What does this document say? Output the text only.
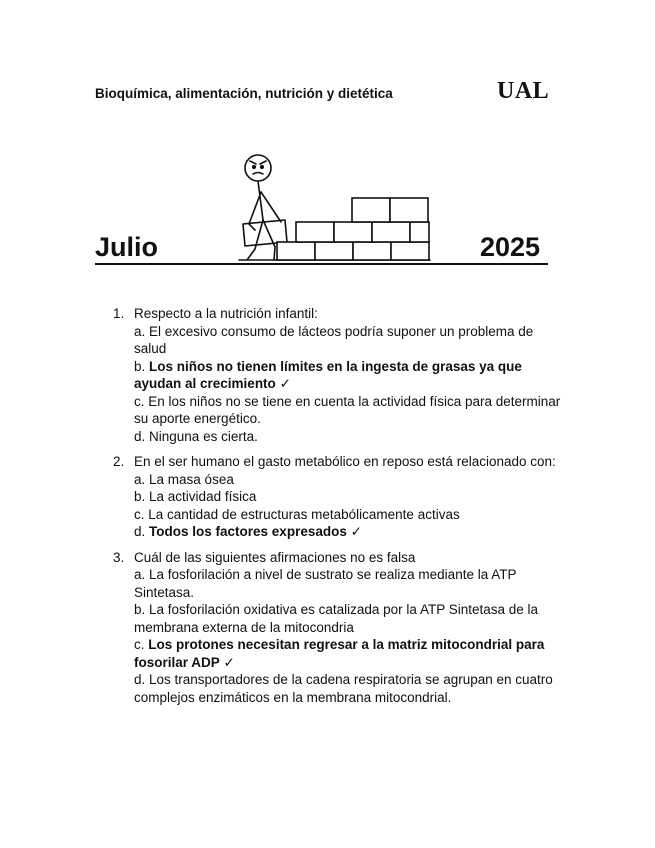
Bioquímica, alimentación, nutrición y dietética	UAL
Julio	2025
1. Respecto a la nutrición infantil:
a. El excesivo consumo de lácteos podría suponer un problema de salud
b. Los niños no tienen límites en la ingesta de grasas ya que ayudan al crecimiento ✓
c. En los niños no se tiene en cuenta la actividad física para determinar su aporte energético.
d. Ninguna es cierta.
2. En el ser humano el gasto metabólico en reposo está relacionado con:
a. La masa ósea
b. La actividad física
c. La cantidad de estructuras metabólicamente activas
d. Todos los factores expresados ✓
3. Cuál de las siguientes afirmaciones no es falsa
a. La fosforilación a nivel de sustrato se realiza mediante la ATP Sintetasa.
b. La fosforilación oxidativa es catalizada por la ATP Sintetasa de la membrana externa de la mitocondria
c. Los protones necesitan regresar a la matriz mitocondrial para fosorilar ADP ✓
d. Los transportadores de la cadena respiratoria se agrupan en cuatro complejos enzimáticos en la membrana mitocondrial.
